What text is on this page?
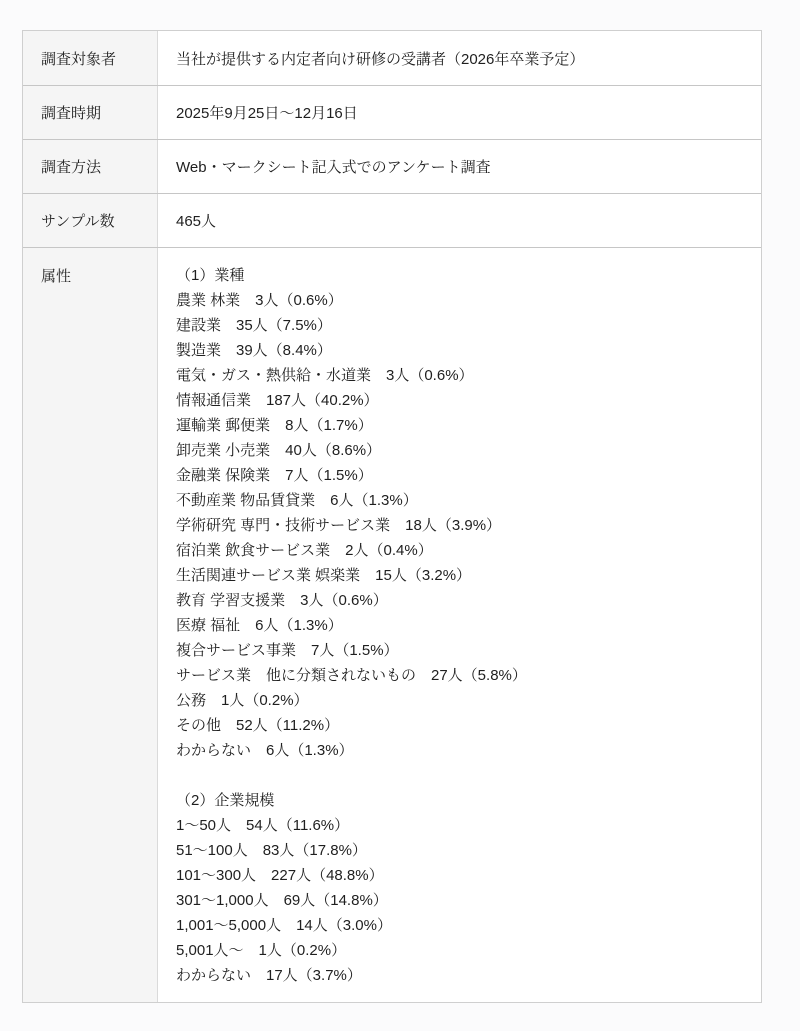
調査対象者	当社が提供する内定者向け研修の受講者（2026年卒業予定）
調査時期	2025年9月25日～12月16日
調査方法	Web・マークシート記入式でのアンケート調査
サンプル数	465人
属性	（1）業種
農業 林業　3人（0.6%）
建設業　35人（7.5%）
製造業　39人（8.4%）
電気・ガス・熱供給・水道業　3人（0.6%）
情報通信業　187人（40.2%）
運輸業 郵便業　8人（1.7%）
卸売業 小売業　40人（8.6%）
金融業 保険業　7人（1.5%）
不動産業 物品賃貸業　6人（1.3%）
学術研究 専門・技術サービス業　18人（3.9%）
宿泊業 飲食サービス業　2人（0.4%）
生活関連サービス業 娯楽業　15人（3.2%）
教育 学習支援業　3人（0.6%）
医療 福祉　6人（1.3%）
複合サービス事業　7人（1.5%）
サービス業　他に分類されないもの　27人（5.8%）
公務　1人（0.2%）
その他　52人（11.2%）
わからない　6人（1.3%）

（2）企業規模
1～50人　54人（11.6%）
51～100人　83人（17.8%）
101～300人　227人（48.8%）
301～1,000人　69人（14.8%）
1,001～5,000人　14人（3.0%）
5,001人～　1人（0.2%）
わからない　17人（3.7%）
